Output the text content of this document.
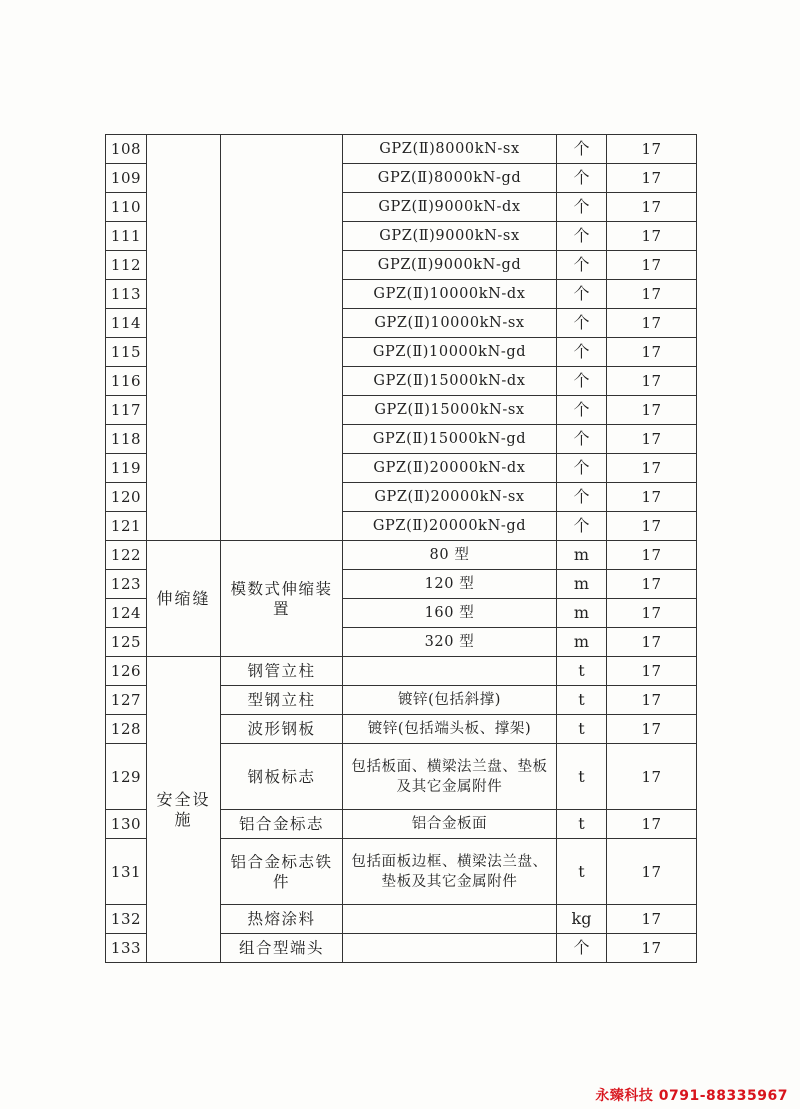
108			GPZ(Ⅱ)8000kN-sx	个	17
109			GPZ(Ⅱ)8000kN-gd	个	17
110			GPZ(Ⅱ)9000kN-dx	个	17
111			GPZ(Ⅱ)9000kN-sx	个	17
112			GPZ(Ⅱ)9000kN-gd	个	17
113			GPZ(Ⅱ)10000kN-dx	个	17
114			GPZ(Ⅱ)10000kN-sx	个	17
115			GPZ(Ⅱ)10000kN-gd	个	17
116			GPZ(Ⅱ)15000kN-dx	个	17
117			GPZ(Ⅱ)15000kN-sx	个	17
118			GPZ(Ⅱ)15000kN-gd	个	17
119			GPZ(Ⅱ)20000kN-dx	个	17
120			GPZ(Ⅱ)20000kN-sx	个	17
121			GPZ(Ⅱ)20000kN-gd	个	17
122	伸缩缝	模数式伸缩装置	80 型	m	17
123			120 型	m	17
124			160 型	m	17
125			320 型	m	17
126	安全设施	钢管立柱		t	17
127		型钢立柱	镀锌(包括斜撑)	t	17
128		波形钢板	镀锌(包括端头板、撑架)	t	17
129		钢板标志	包括板面、横梁法兰盘、垫板及其它金属附件	t	17
130		铝合金标志	铝合金板面	t	17
131		铝合金标志铁件	包括面板边框、横梁法兰盘、垫板及其它金属附件	t	17
132		热熔涂料		kg	17
133		组合型端头		个	17
永臻科技 0791-88335967
